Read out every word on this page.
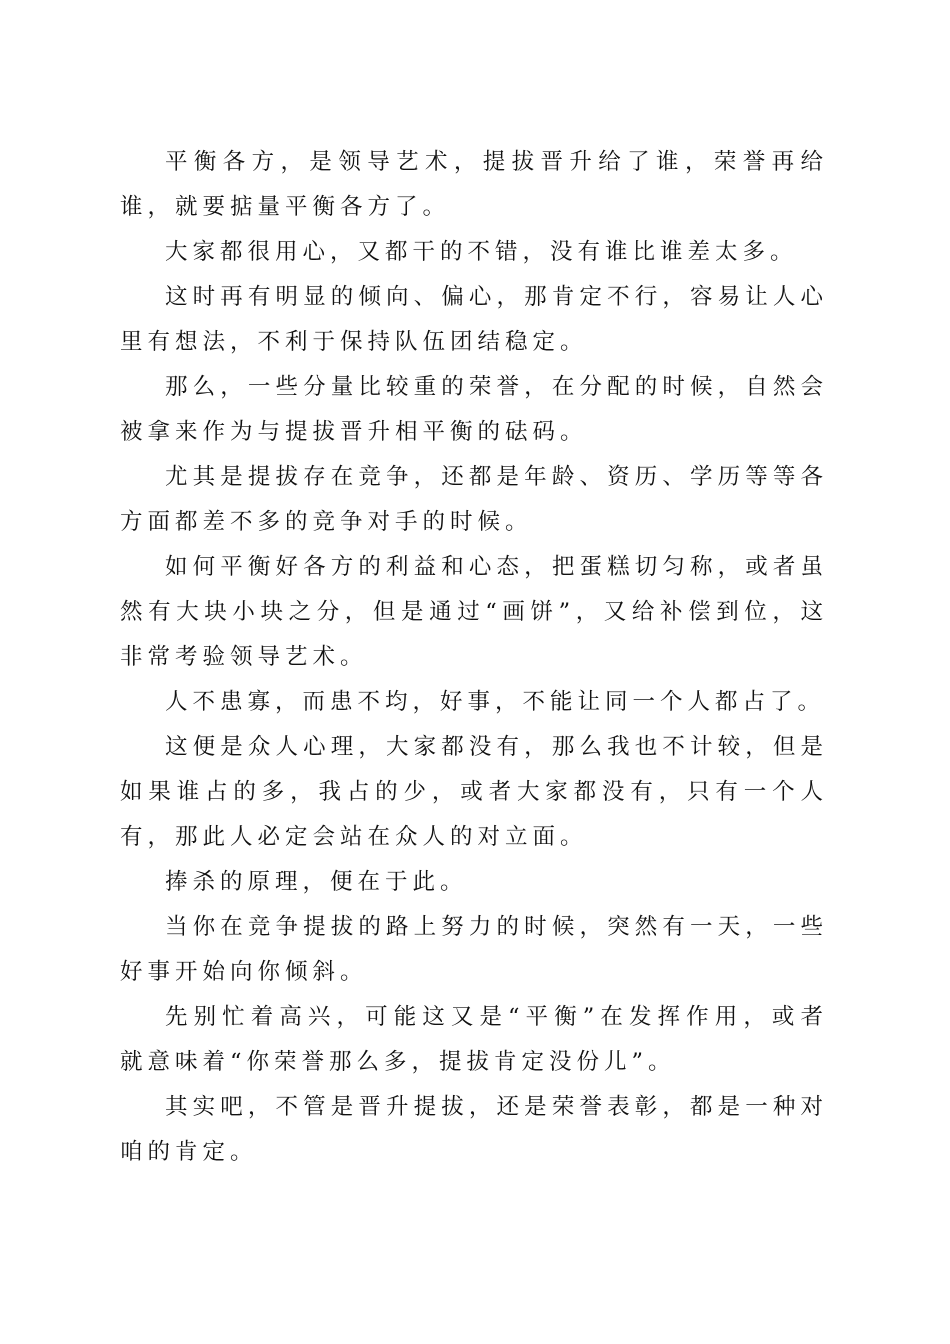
平衡各方，是领导艺术，提拔晋升给了谁，荣誉再给谁，就要掂量平衡各方了。

大家都很用心，又都干的不错，没有谁比谁差太多。

这时再有明显的倾向、偏心，那肯定不行，容易让人心里有想法，不利于保持队伍团结稳定。

那么，一些分量比较重的荣誉，在分配的时候，自然会被拿来作为与提拔晋升相平衡的砝码。

尤其是提拔存在竞争，还都是年龄、资历、学历等等各方面都差不多的竞争对手的时候。

如何平衡好各方的利益和心态，把蛋糕切匀称，或者虽然有大块小块之分，但是通过“画饼”，又给补偿到位，这非常考验领导艺术。

人不患寡，而患不均，好事，不能让同一个人都占了。

这便是众人心理，大家都没有，那么我也不计较，但是如果谁占的多，我占的少，或者大家都没有，只有一个人有，那此人必定会站在众人的对立面。

捧杀的原理，便在于此。

当你在竞争提拔的路上努力的时候，突然有一天，一些好事开始向你倾斜。

先别忙着高兴，可能这又是“平衡”在发挥作用，或者就意味着“你荣誉那么多，提拔肯定没份儿”。

其实吧，不管是晋升提拔，还是荣誉表彰，都是一种对咱的肯定。
